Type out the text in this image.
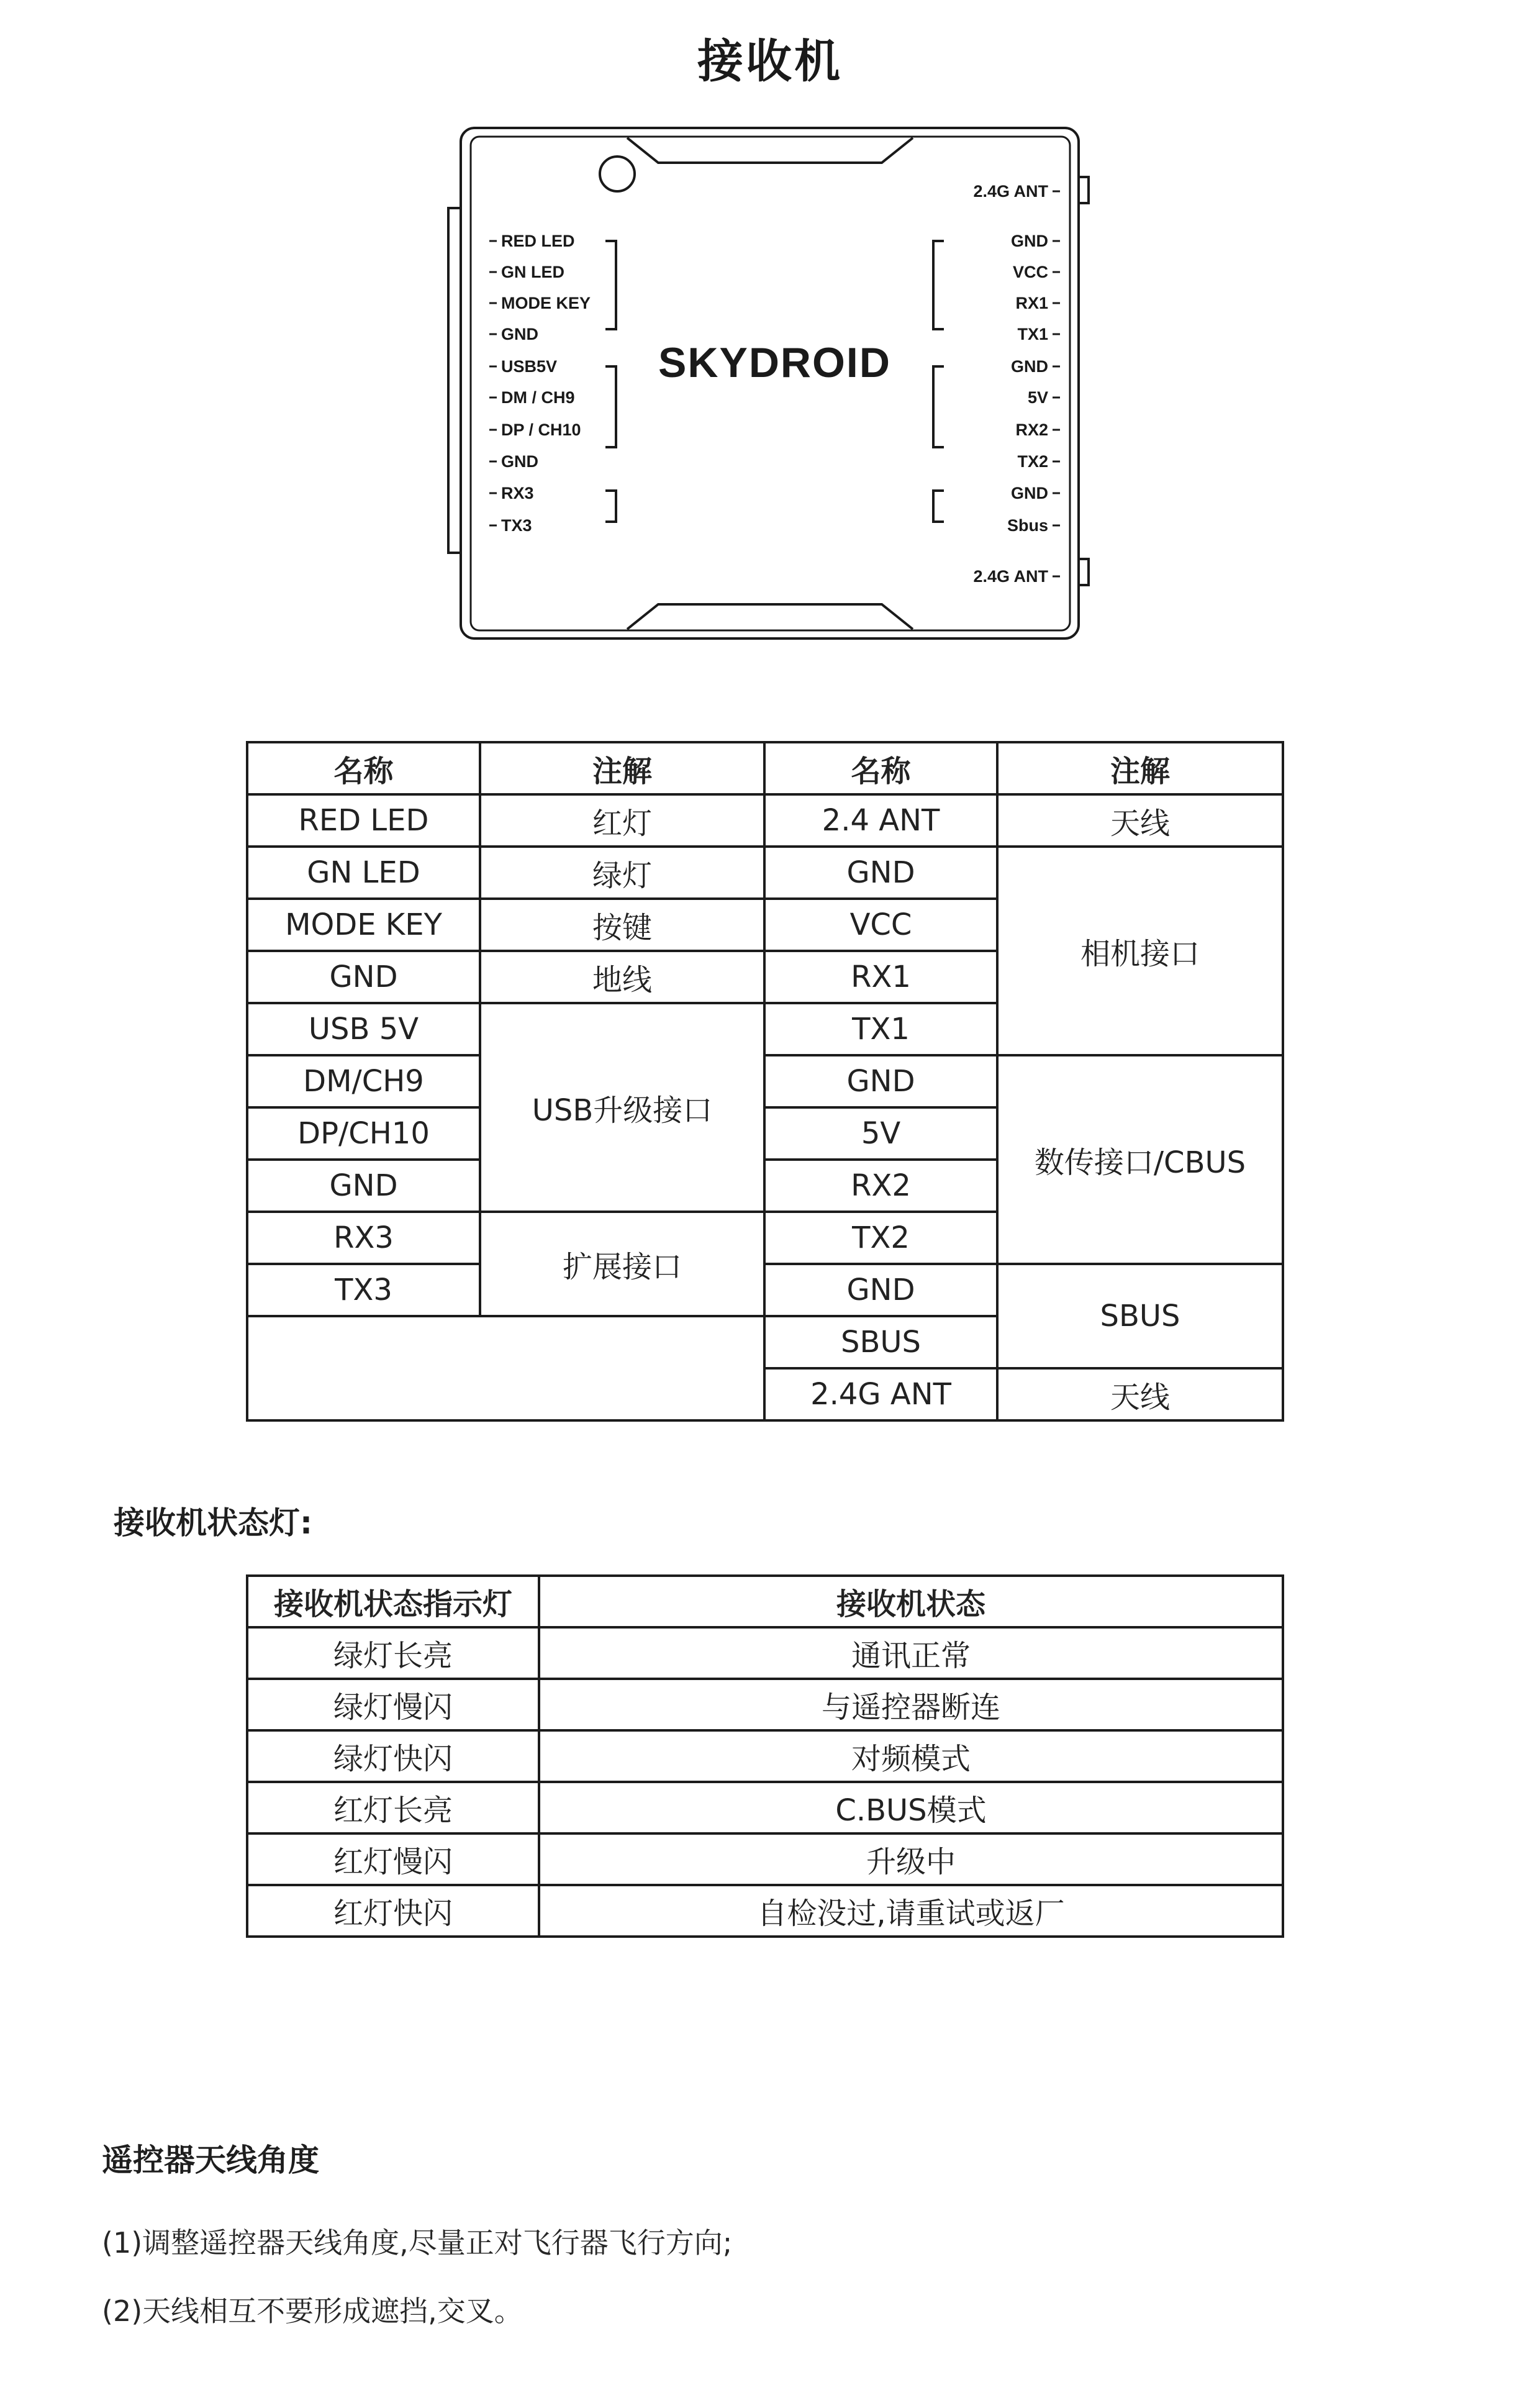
接收机
SKYDROID
RED LED
GN LED
MODE KEY
GND
USB5V
DM / CH9
DP / CH10
GND
RX3
TX3
2.4G ANT
GND
VCC
RX1
TX1
GND
5V
RX2
TX2
GND
Sbus
2.4G ANT
名称	注解	名称	注解
RED LED	红灯	2.4 ANT	天线
GN LED	绿灯	GND	相机接口
MODE KEY	按键	VCC	
GND	地线	RX1	
USB 5V	USB升级接口	TX1	
DM/CH9		GND	数传接口/CBUS
DP/CH10		5V	
GND		RX2	
RX3	扩展接口	TX2	
TX3		GND	SBUS
		SBUS	
		2.4G ANT	天线
接收机状态灯:
接收机状态指示灯	接收机状态
绿灯长亮	通讯正常
绿灯慢闪	与遥控器断连
绿灯快闪	对频模式
红灯长亮	C.BUS模式
红灯慢闪	升级中
红灯快闪	自检没过,请重试或返厂
遥控器天线角度
(1)调整遥控器天线角度,尽量正对飞行器飞行方向;
(2)天线相互不要形成遮挡,交叉。
